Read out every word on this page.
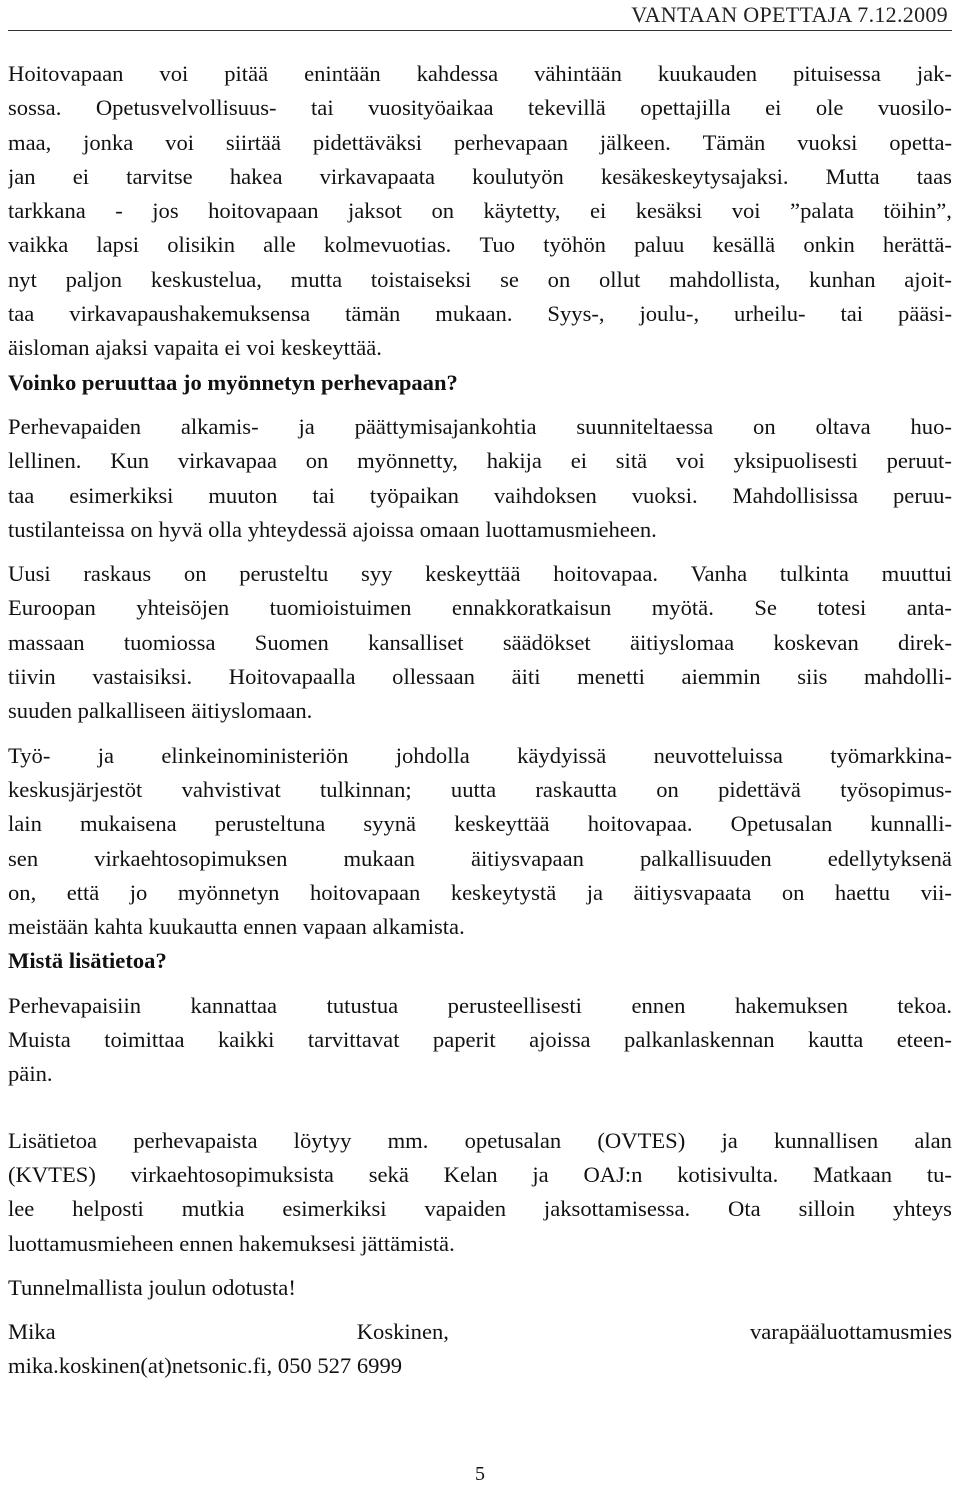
VANTAAN OPETTAJA 7.12.2009
Hoitovapaan voi pitää enintään kahdessa vähintään kuukauden pituisessa jak-
sossa. Opetusvelvollisuus- tai vuosityöaikaa tekevillä opettajilla ei ole vuosilo-
maa, jonka voi siirtää pidettäväksi perhevapaan jälkeen. Tämän vuoksi opetta-
jan ei tarvitse hakea virkavapaata koulutyön kesäkeskeytysajaksi. Mutta taas
tarkkana - jos hoitovapaan jaksot on käytetty, ei kesäksi voi ”palata töihin”,
vaikka lapsi olisikin alle kolmevuotias. Tuo työhön paluu kesällä onkin herättä-
nyt paljon keskustelua, mutta toistaiseksi se on ollut mahdollista, kunhan ajoit-
taa virkavapaushakemuksensa tämän mukaan. Syys-, joulu-, urheilu- tai pääsi-
äisloman ajaksi vapaita ei voi keskeyttää.
Voinko peruuttaa jo myönnetyn perhevapaan?
Perhevapaiden alkamis- ja päättymisajankohtia suunniteltaessa on oltava huo-
lellinen. Kun virkavapaa on myönnetty, hakija ei sitä voi yksipuolisesti peruut-
taa esimerkiksi muuton tai työpaikan vaihdoksen vuoksi. Mahdollisissa peruu-
tustilanteissa on hyvä olla yhteydessä ajoissa omaan luottamusmieheen.
Uusi raskaus on perusteltu syy keskeyttää hoitovapaa. Vanha tulkinta muuttui
Euroopan yhteisöjen tuomioistuimen ennakkoratkaisun myötä. Se totesi anta-
massaan tuomiossa Suomen kansalliset säädökset äitiyslomaa koskevan direk-
tiivin vastaisiksi. Hoitovapaalla ollessaan äiti menetti aiemmin siis mahdolli-
suuden palkalliseen äitiyslomaan.
Työ- ja elinkeinoministeriön johdolla käydyissä neuvotteluissa työmarkkina-
keskusjärjestöt vahvistivat tulkinnan; uutta raskautta on pidettävä työsopimus-
lain mukaisena perusteltuna syynä keskeyttää hoitovapaa. Opetusalan kunnalli-
sen virkaehtosopimuksen mukaan äitiysvapaan palkallisuuden edellytyksenä
on, että jo myönnetyn hoitovapaan keskeytystä ja äitiysvapaata on haettu vii-
meistään kahta kuukautta ennen vapaan alkamista.
Mistä lisätietoa?
Perhevapaisiin kannattaa tutustua perusteellisesti ennen hakemuksen tekoa.
Muista toimittaa kaikki tarvittavat paperit ajoissa palkanlaskennan kautta eteen-
päin.
Lisätietoa perhevapaista löytyy mm. opetusalan (OVTES) ja kunnallisen alan
(KVTES) virkaehtosopimuksista sekä Kelan ja OAJ:n kotisivulta. Matkaan tu-
lee helposti mutkia esimerkiksi vapaiden jaksottamisessa. Ota silloin yhteys
luottamusmieheen ennen hakemuksesi jättämistä.
Tunnelmallista joulun odotusta!
Mika	Koskinen,	varapääluottamusmies
mika.koskinen(at)netsonic.fi, 050 527 6999
5
